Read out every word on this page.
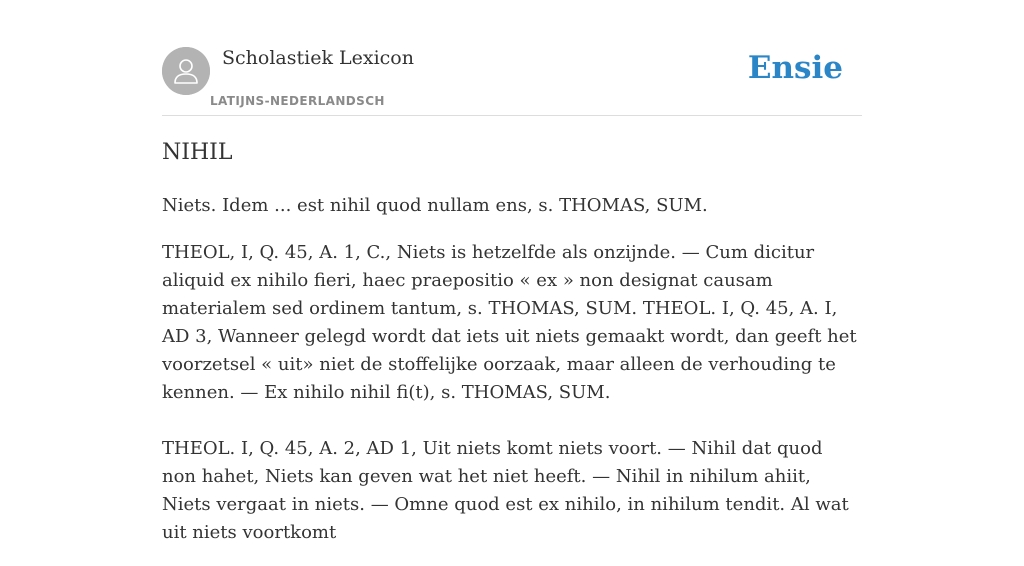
Scholastiek Lexicon
LATIJNS-NEDERLANDSCH
Ensie
NIHIL

Niets. Idem ... est nihil quod nullam ens, s. THOMAS, SUM.

THEOL, I, Q. 45, A. 1, C., Niets is hetzelfde als onzijnde. — Cum dicitur aliquid ex nihilo fieri, haec praepositio « ex » non designat causam materialem sed ordinem tantum, s. THOMAS, SUM. THEOL. I, Q. 45, A. I, AD 3, Wanneer gelegd wordt dat iets uit niets gemaakt wordt, dan geeft het voorzetsel « uit» niet de stoffelijke oorzaak, maar alleen de verhouding te kennen. — Ex nihilo nihil fi(t), s. THOMAS, SUM.

THEOL. I, Q. 45, A. 2, AD 1, Uit niets komt niets voort. — Nihil dat quod non hahet, Niets kan geven wat het niet heeft. — Nihil in nihilum ahiit, Niets vergaat in niets. — Omne quod est ex nihilo, in nihilum tendit. Al wat uit niets voortkomt
